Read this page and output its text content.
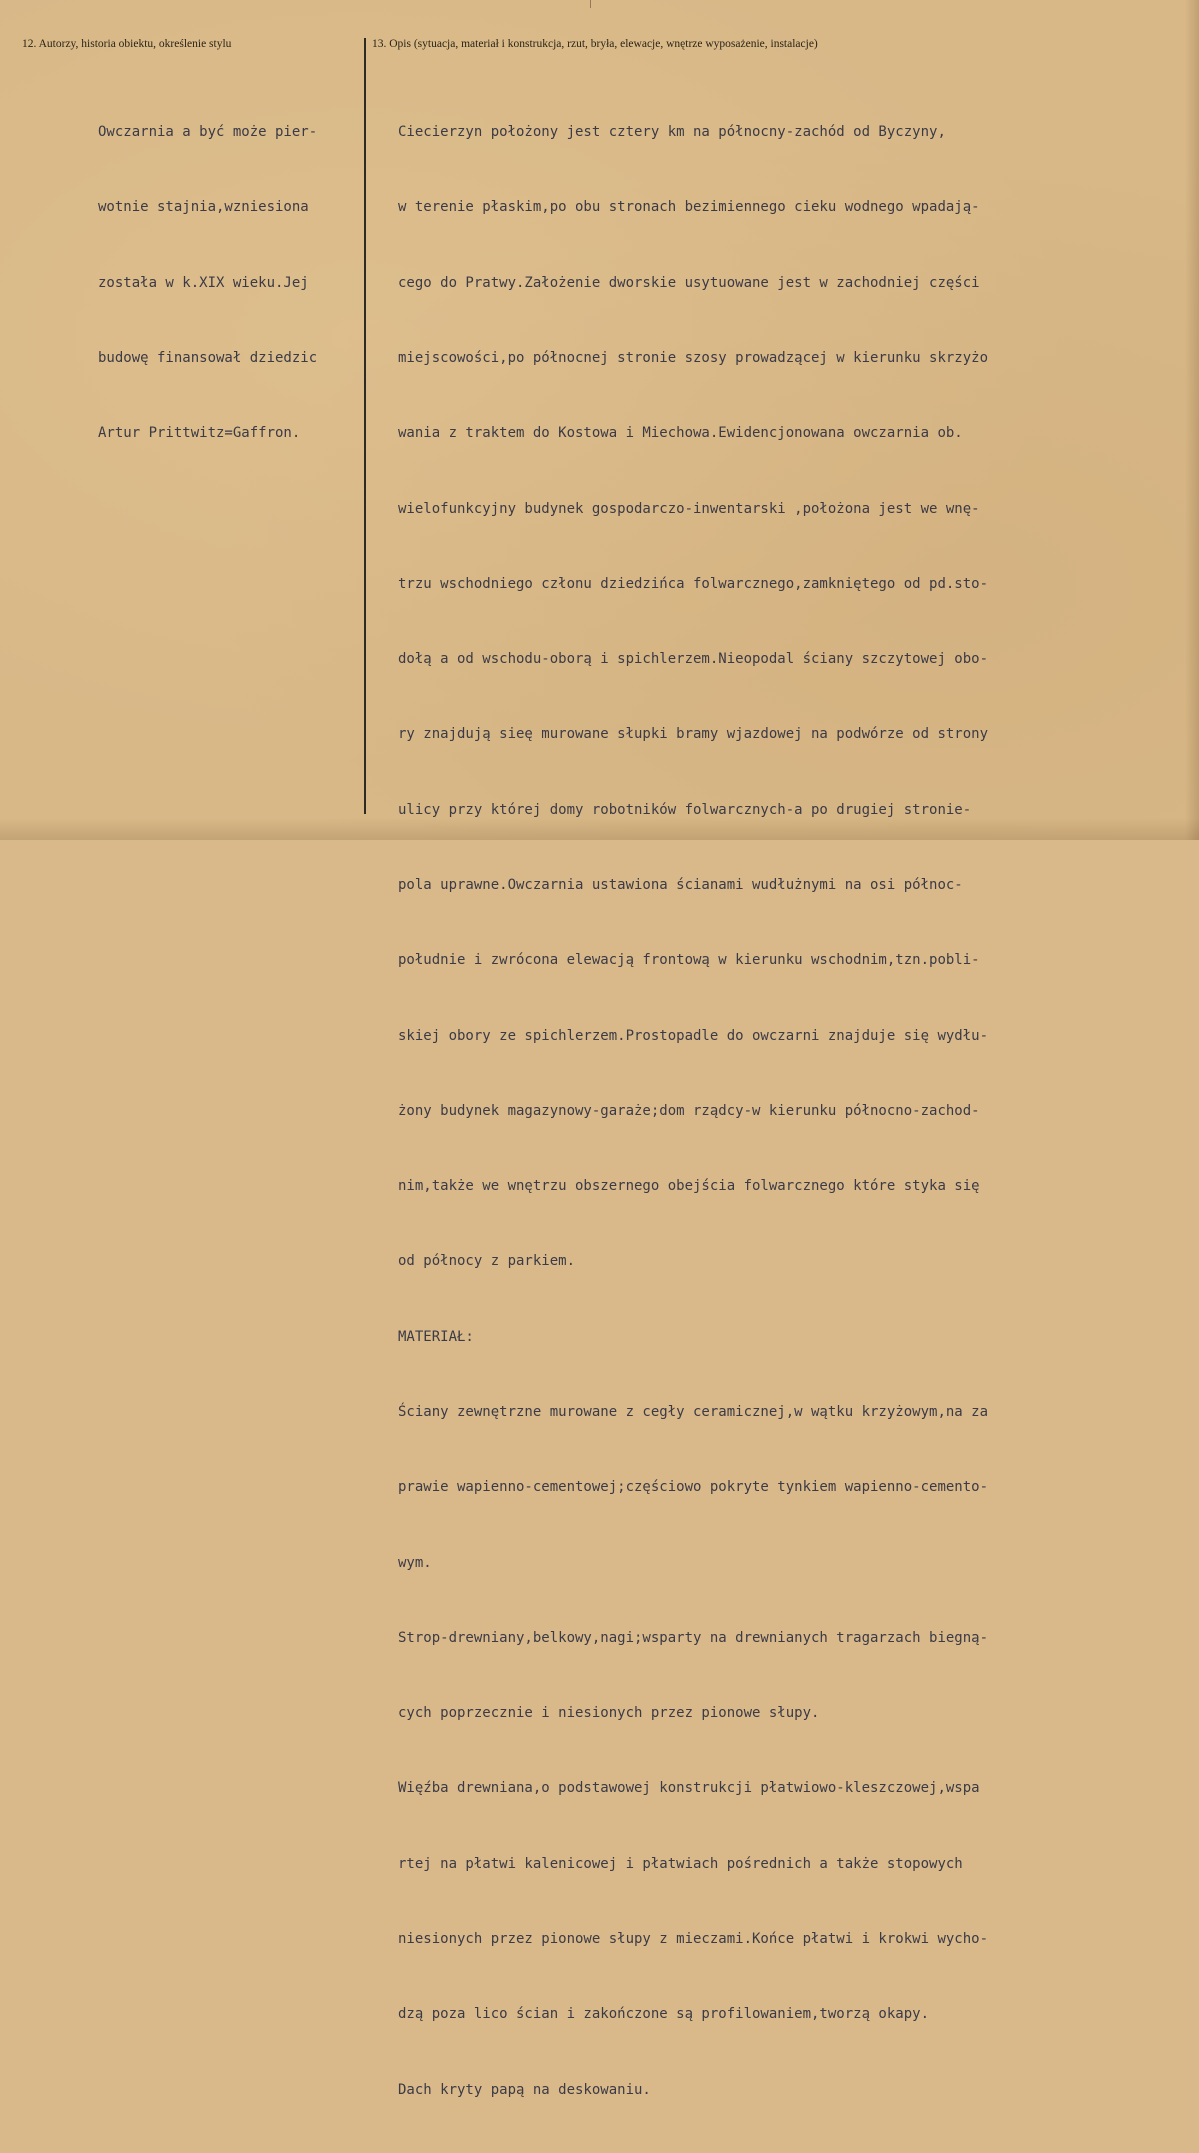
12. Autorzy, historia obiektu, określenie stylu	13. Opis (sytuacja, materiał i konstrukcja, rzut, bryła, elewacje, wnętrze wyposażenie, instalacje)

Owczarnia a być może pier-

wotnie stajnia,wzniesiona

została w k.XIX wieku.Jej

budowę finansował dziedzic

Artur Prittwitz=Gaffron.

Ciecierzyn położony jest cztery km na północny-zachód od Byczyny,

w terenie płaskim,po obu stronach bezimiennego cieku wodnego wpadają-

cego do Pratwy.Założenie dworskie usytuowane jest w zachodniej części

miejscowości,po północnej stronie szosy prowadzącej w kierunku skrzyżo

wania z traktem do Kostowa i Miechowa.Ewidencjonowana owczarnia ob.

wielofunkcyjny budynek gospodarczo-inwentarski ,położona jest we wnę-

trzu wschodniego członu dziedzińca folwarcznego,zamkniętego od pd.sto-

dołą a od wschodu-oborą i spichlerzem.Nieopodal ściany szczytowej obo-

ry znajdują sieę murowane słupki bramy wjazdowej na podwórze od strony

ulicy przy której domy robotników folwarcznych-a po drugiej stronie-

pola uprawne.Owczarnia ustawiona ścianami wudłużnymi na osi północ-

południe i zwrócona elewacją frontową w kierunku wschodnim,tzn.pobli-

skiej obory ze spichlerzem.Prostopadle do owczarni znajduje się wydłu-

żony budynek magazynowy-garaże;dom rządcy-w kierunku północno-zachod-

nim,także we wnętrzu obszernego obejścia folwarcznego które styka się

od północy z parkiem.

MATERIAŁ:

Ściany zewnętrzne murowane z cegły ceramicznej,w wątku krzyżowym,na za

prawie wapienno-cementowej;częściowo pokryte tynkiem wapienno-cemento-

wym.

Strop-drewniany,belkowy,nagi;wsparty na drewnianych tragarzach biegną-

cych poprzecznie i niesionych przez pionowe słupy.

Więźba drewniana,o podstawowej konstrukcji płatwiowo-kleszczowej,wspa

rtej na płatwi kalenicowej i płatwiach pośrednich a także stopowych

niesionych przez pionowe słupy z mieczami.Końce płatwi i krokwi wycho-

dzą poza lico ścian i zakończone są profilowaniem,tworzą okapy.

Dach kryty papą na deskowaniu.
